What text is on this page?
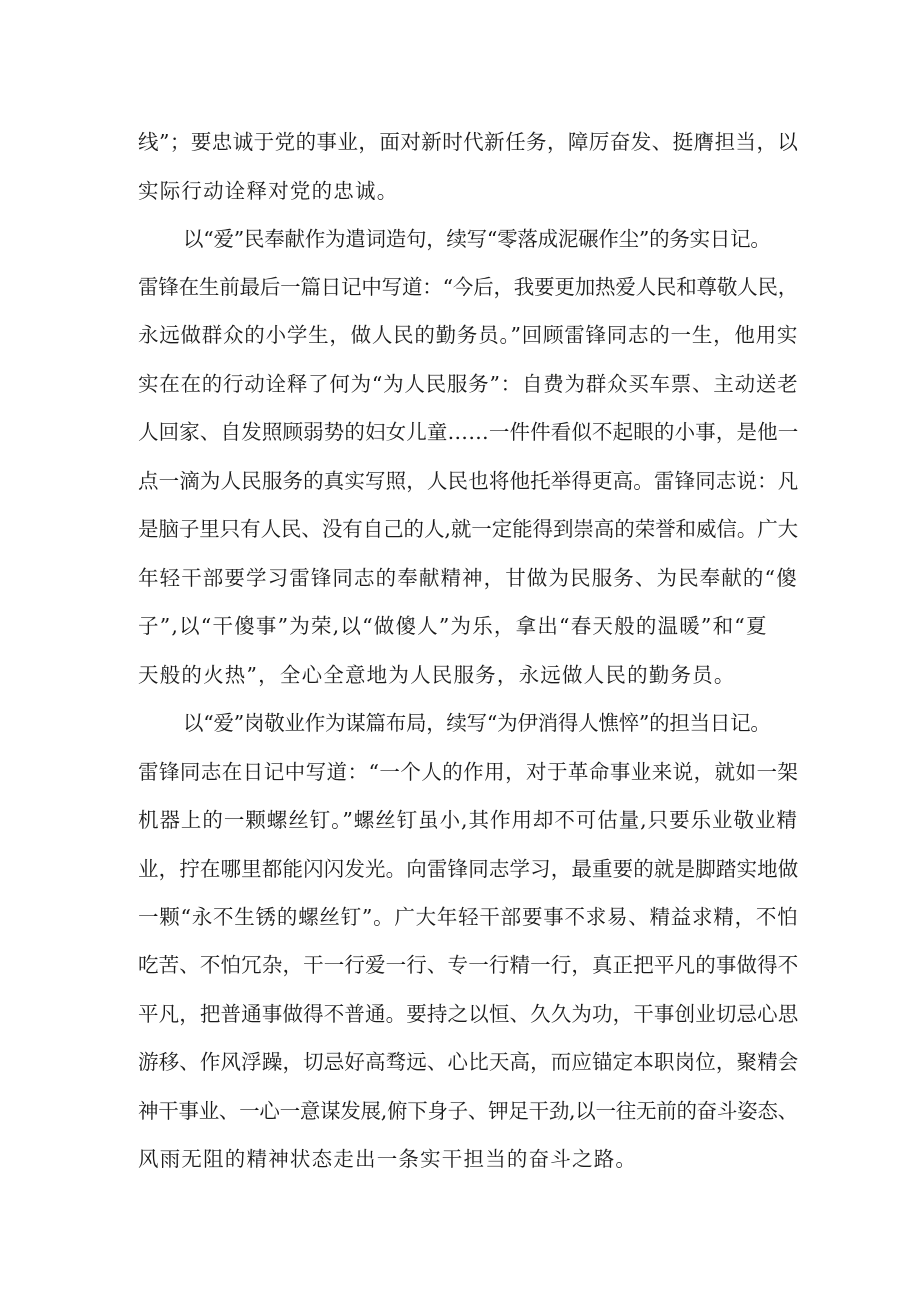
线”；要忠诚于党的事业，面对新时代新任务，障厉奋发、挺膺担当，以
实际行动诠释对党的忠诚。
以“爱”民奉献作为遣词造句，续写“零落成泥碾作尘”的务实日记。
雷锋在生前最后一篇日记中写道：“今后，我要更加热爱人民和尊敬人民，
永远做群众的小学生，做人民的勤务员。”回顾雷锋同志的一生，他用实
实在在的行动诠释了何为“为人民服务”：自费为群众买车票、主动送老
人回家、自发照顾弱势的妇女儿童……一件件看似不起眼的小事，是他一
点一滴为人民服务的真实写照，人民也将他托举得更高。雷锋同志说：凡
是脑子里只有人民、没有自己的人,就一定能得到崇高的荣誉和威信。广大
年轻干部要学习雷锋同志的奉献精神，甘做为民服务、为民奉献的“傻
子”,以“干傻事”为荣,以“做傻人”为乐，拿出“春天般的温暖”和“夏
天般的火热”，全心全意地为人民服务，永远做人民的勤务员。
以“爱”岗敬业作为谋篇布局，续写“为伊消得人憔悴”的担当日记。
雷锋同志在日记中写道：“一个人的作用，对于革命事业来说，就如一架
机器上的一颗螺丝钉。”螺丝钉虽小,其作用却不可估量,只要乐业敬业精
业，拧在哪里都能闪闪发光。向雷锋同志学习，最重要的就是脚踏实地做
一颗“永不生锈的螺丝钉”。广大年轻干部要事不求易、精益求精，不怕
吃苦、不怕冗杂，干一行爱一行、专一行精一行，真正把平凡的事做得不
平凡，把普通事做得不普通。要持之以恒、久久为功，干事创业切忌心思
游移、作风浮躁，切忌好高骛远、心比天高，而应锚定本职岗位，聚精会
神干事业、一心一意谋发展,俯下身子、钾足干劲,以一往无前的奋斗姿态、
风雨无阻的精神状态走出一条实干担当的奋斗之路。
